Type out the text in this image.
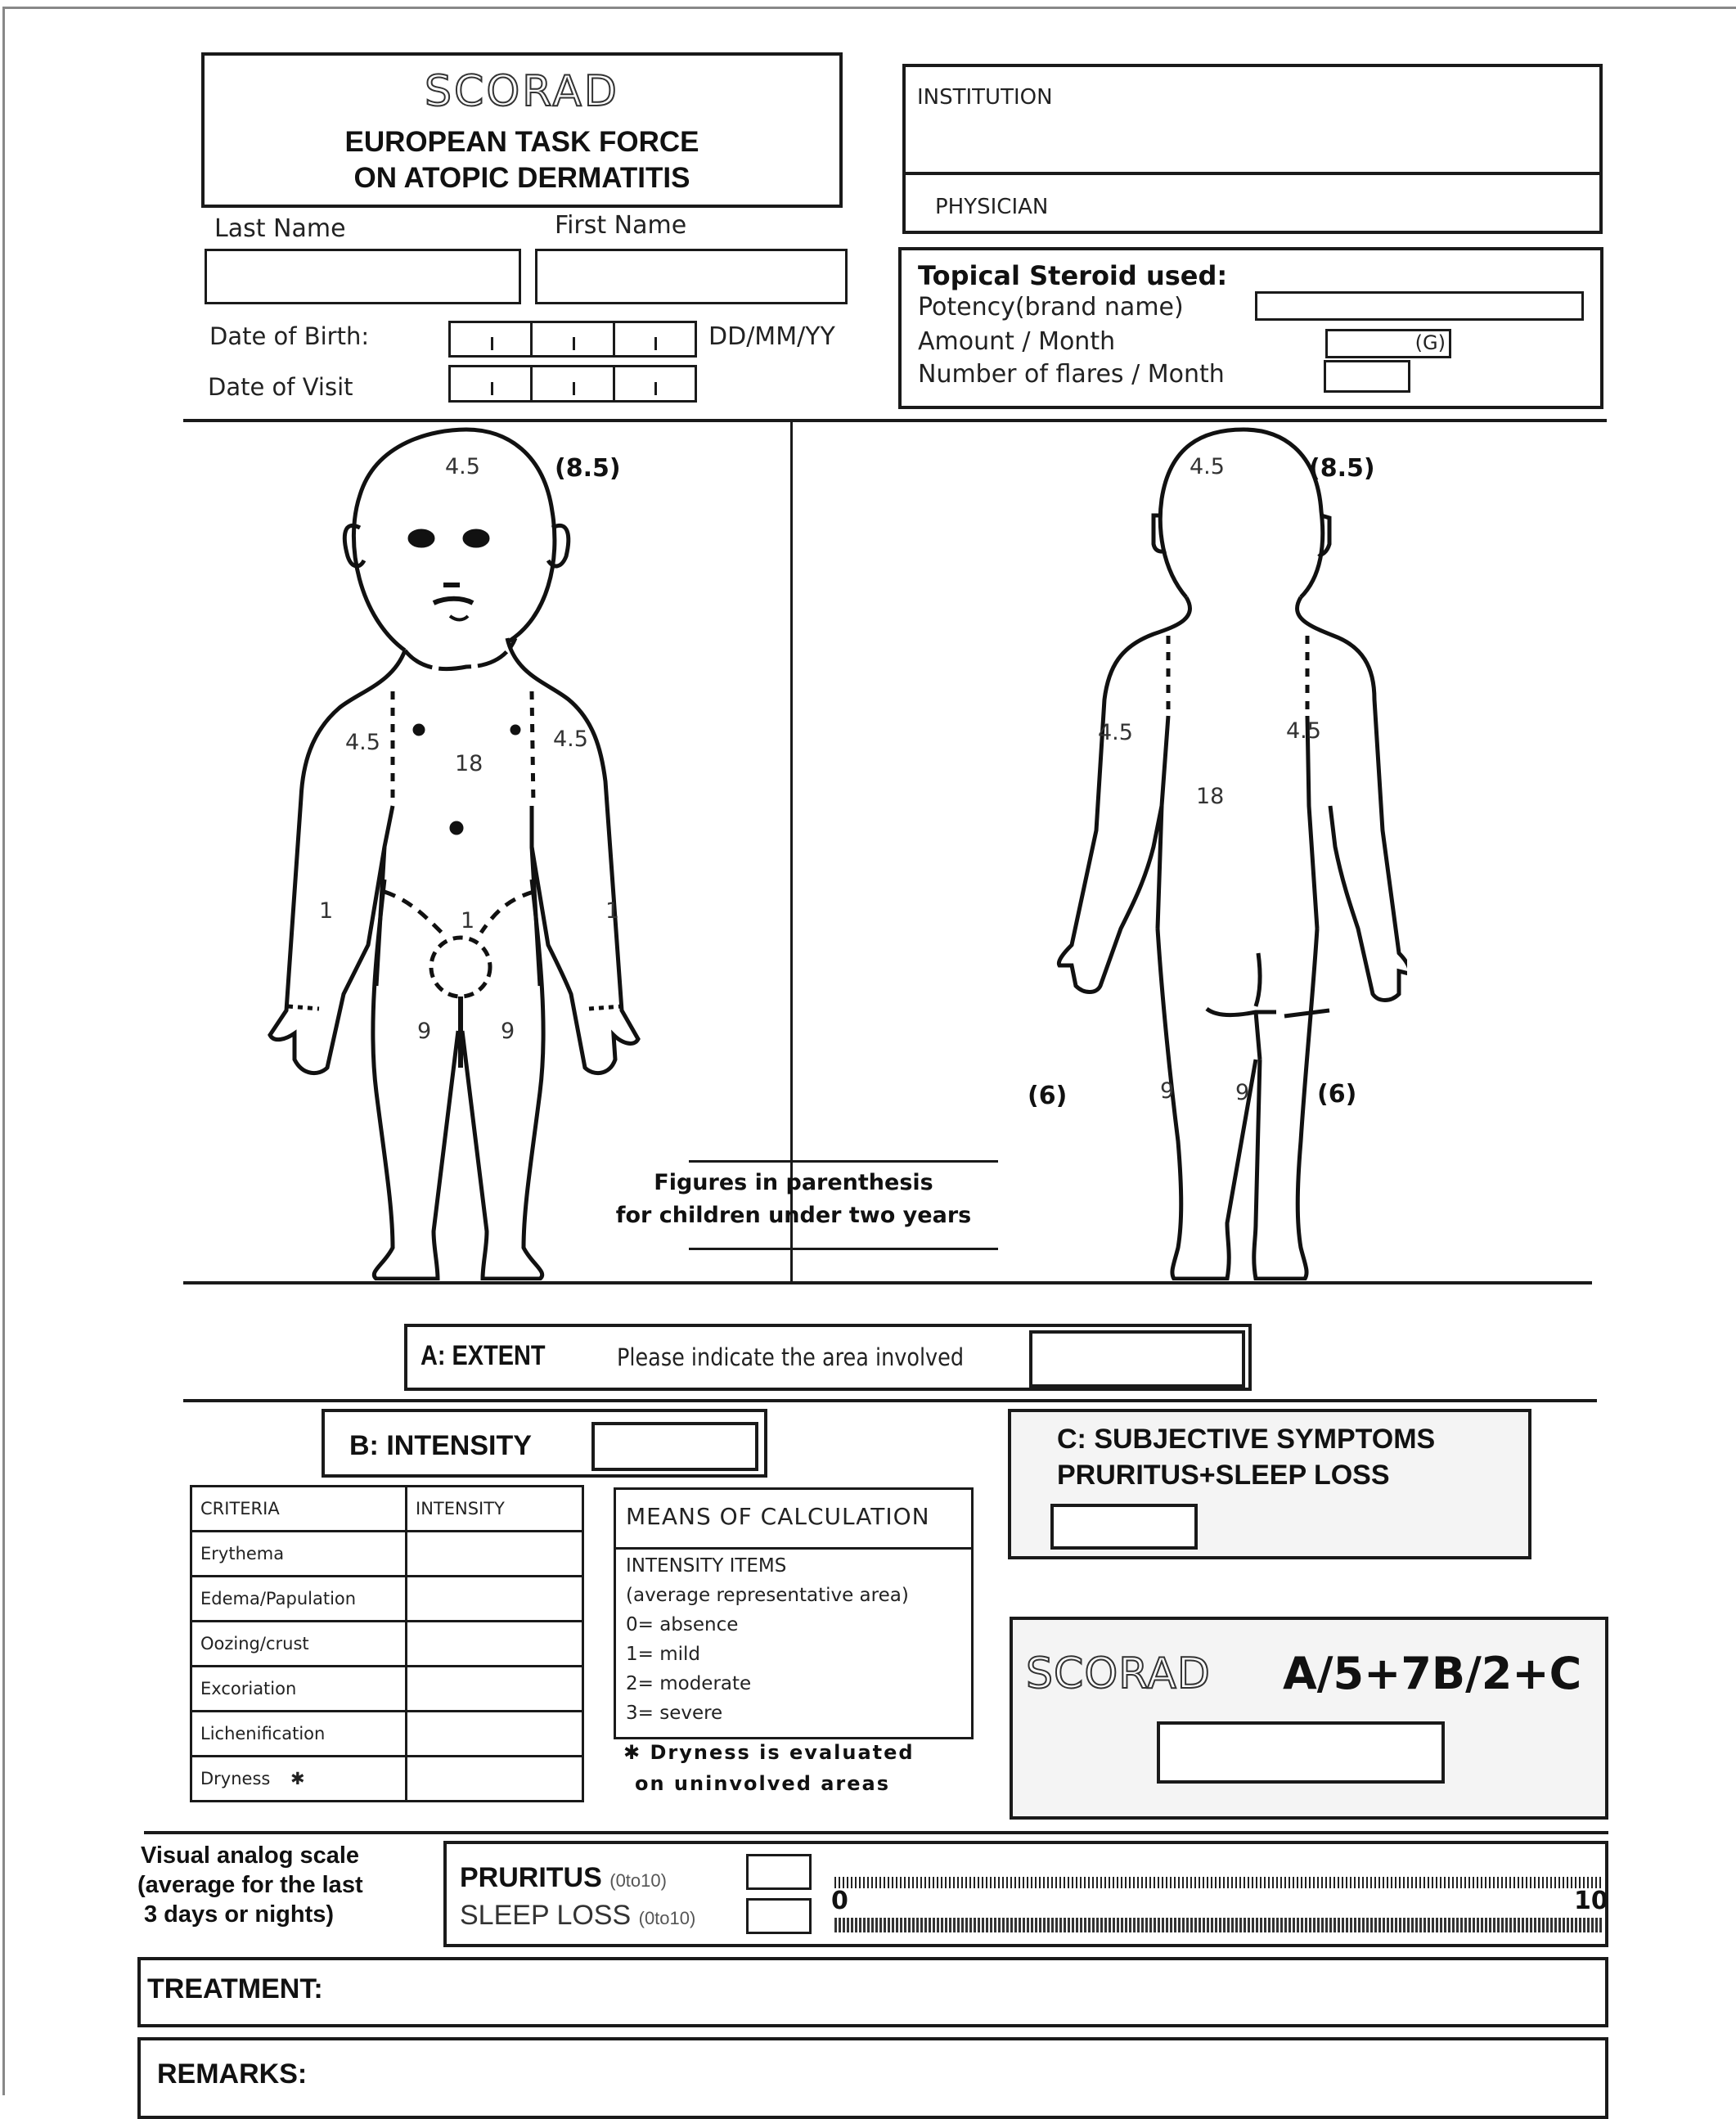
SCORAD
EUROPEAN TASK FORCE
ON ATOPIC DERMATITIS
Last Name	First Name
Date of Birth:	DD/MM/YY
Date of Visit
INSTITUTION
PHYSICIAN
Topical Steroid used:
Potency(brand name)
Amount / Month	(G)
Number of flares / Month
4.5	(8.5)
4.5	4.5
18
1	1
1
9	9
4.5	(8.5)
4.5	4.5
18
9	9
(6)	(6)
Figures in parenthesis
for children under two years
A: EXTENT	Please indicate the area involved
B: INTENSITY
CRITERIA	INTENSITY
Erythema	
Edema/Papulation	
Oozing/crust	
Excoriation	
Lichenification	
Dryness ✱	
MEANS OF CALCULATION
INTENSITY ITEMS
(average representative area)
0= absence
1= mild
2= moderate
3= severe
✱ Dryness is evaluated
on uninvolved areas
C: SUBJECTIVE SYMPTOMS
PRURITUS+SLEEP LOSS
SCORAD A/5+7B/2+C
Visual analog scale
(average for the last
3 days or nights)
PRURITUS (0to10)
SLEEP LOSS (0to10)
0	10
TREATMENT:
REMARKS:
